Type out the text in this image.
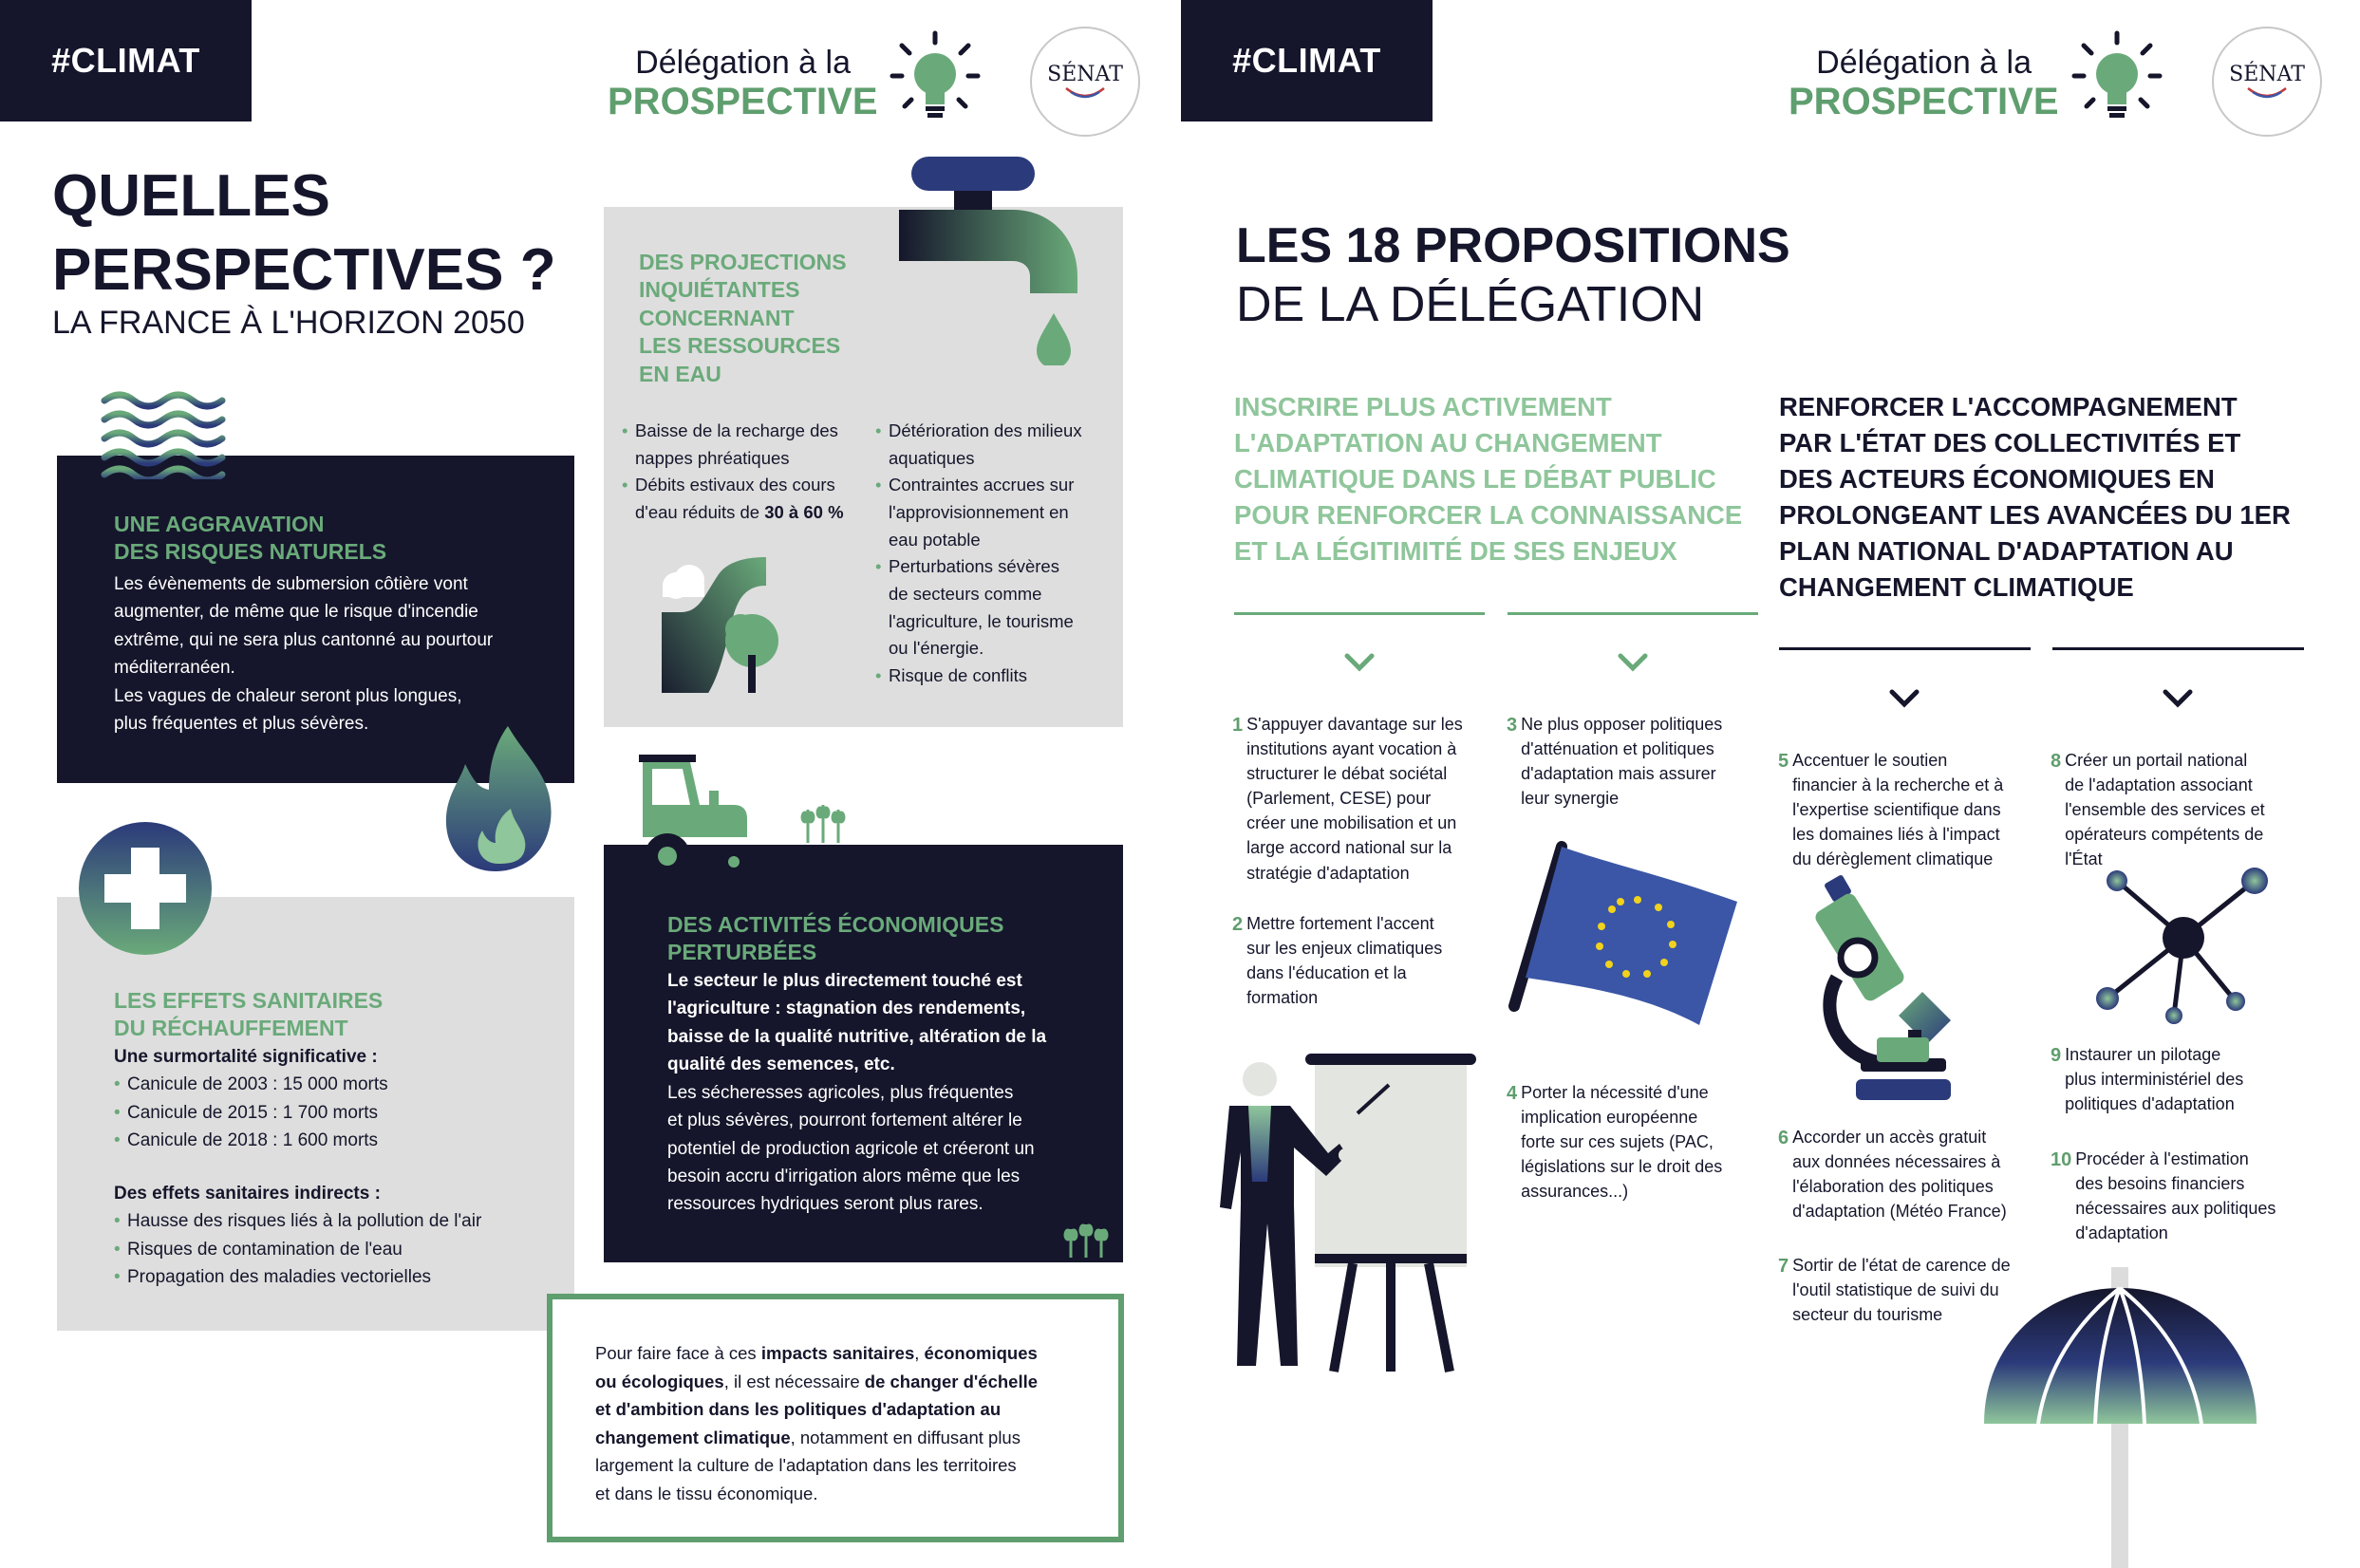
#CLIMAT	Délégation à la
PROSPECTIVE
SÉNAT	#CLIMAT	Délégation à la
PROSPECTIVE
SÉNAT
QUELLES
PERSPECTIVES ?
LA FRANCE À L'HORIZON 2050
UNE AGGRAVATION
DES RISQUES NATURELS
Les évènements de submersion côtière vont
augmenter, de même que le risque d'incendie
extrême, qui ne sera plus cantonné au pourtour
méditerranéen.
Les vagues de chaleur seront plus longues,
plus fréquentes et plus sévères.
LES EFFETS SANITAIRES
DU RÉCHAUFFEMENT
Une surmortalité significative :
• Canicule de 2003 : 15 000 morts
• Canicule de 2015 : 1 700 morts
• Canicule de 2018 : 1 600 morts
Des effets sanitaires indirects :
• Hausse des risques liés à la pollution de l'air
• Risques de contamination de l'eau
• Propagation des maladies vectorielles
DES PROJECTIONS
INQUIÉTANTES
CONCERNANT
LES RESSOURCES
EN EAU
• Baisse de la recharge des
nappes phréatiques
• Débits estivaux des cours
d'eau réduits de 30 à 60 %
• Détérioration des milieux
aquatiques
• Contraintes accrues sur
l'approvisionnement en
eau potable
• Perturbations sévères
de secteurs comme
l'agriculture, le tourisme
ou l'énergie.
• Risque de conflits
DES ACTIVITÉS ÉCONOMIQUES
PERTURBÉES
Le secteur le plus directement touché est
l'agriculture : stagnation des rendements,
baisse de la qualité nutritive, altération de la
qualité des semences, etc.
Les sécheresses agricoles, plus fréquentes
et plus sévères, pourront fortement altérer le
potentiel de production agricole et créeront un
besoin accru d'irrigation alors même que les
ressources hydriques seront plus rares.
Pour faire face à ces impacts sanitaires, économiques
ou écologiques, il est nécessaire de changer d'échelle
et d'ambition dans les politiques d'adaptation au
changement climatique, notamment en diffusant plus
largement la culture de l'adaptation dans les territoires
et dans le tissu économique.
LES 18 PROPOSITIONS
DE LA DÉLÉGATION
INSCRIRE PLUS ACTIVEMENT
L'ADAPTATION AU CHANGEMENT
CLIMATIQUE DANS LE DÉBAT PUBLIC
POUR RENFORCER LA CONNAISSANCE
ET LA LÉGITIMITÉ DE SES ENJEUX
RENFORCER L'ACCOMPAGNEMENT
PAR L'ÉTAT DES COLLECTIVITÉS ET
DES ACTEURS ÉCONOMIQUES EN
PROLONGEANT LES AVANCÉES DU 1ER
PLAN NATIONAL D'ADAPTATION AU
CHANGEMENT CLIMATIQUE
1 S'appuyer davantage sur les
institutions ayant vocation à
structurer le débat sociétal
(Parlement, CESE) pour
créer une mobilisation et un
large accord national sur la
stratégie d'adaptation
2 Mettre fortement l'accent
sur les enjeux climatiques
dans l'éducation et la
formation
3 Ne plus opposer politiques
d'atténuation et politiques
d'adaptation mais assurer
leur synergie
4 Porter la nécessité d'une
implication européenne
forte sur ces sujets (PAC,
législations sur le droit des
assurances...)
5 Accentuer le soutien
financier à la recherche et à
l'expertise scientifique dans
les domaines liés à l'impact
du dérèglement climatique
6 Accorder un accès gratuit
aux données nécessaires à
l'élaboration des politiques
d'adaptation (Météo France)
7 Sortir de l'état de carence de
l'outil statistique de suivi du
secteur du tourisme
8 Créer un portail national
de l'adaptation associant
l'ensemble des services et
opérateurs compétents de
l'État
9 Instaurer un pilotage
plus interministériel des
politiques d'adaptation
10 Procéder à l'estimation
des besoins financiers
nécessaires aux politiques
d'adaptation
